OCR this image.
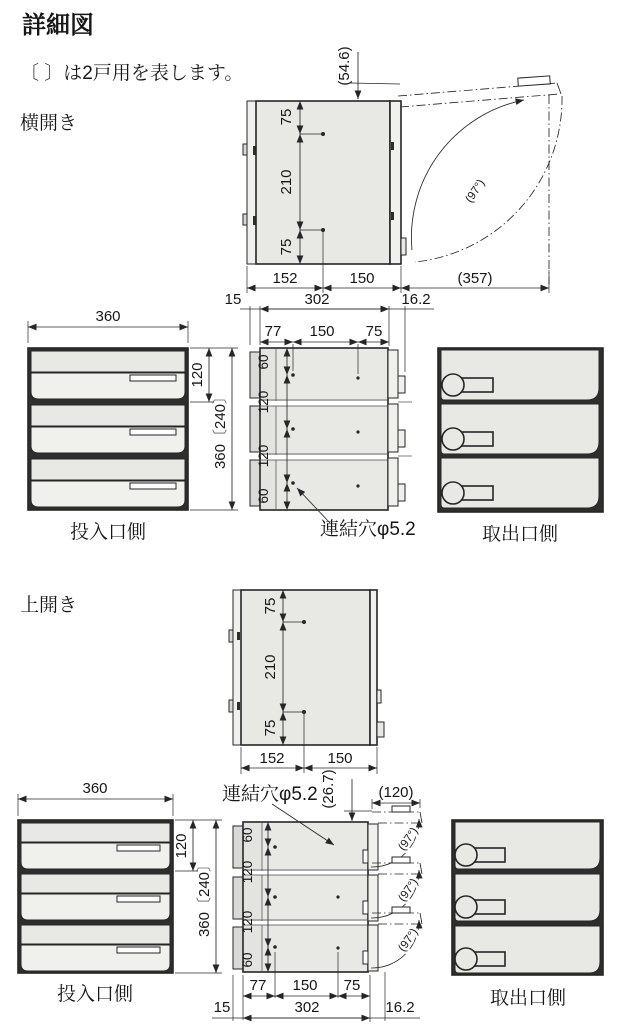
詳細図
〔 〕は2戸用を表します。
横開き
(97°)
75
210
75
(54.6)
152	150	(357)
360
120
360〔240〕
投入口側
15	302	16.2
77 150 75
60
120
120
60
連結穴φ5.2	取出口側
上開き	75
210
75
152	150
360
120
360〔240〕
投入口側
(97°)
(97°)
(97°)
(26.7)	(120)
連結穴φ5.2
60
120
120
60
77 150 75
15	302	16.2	取出口側
